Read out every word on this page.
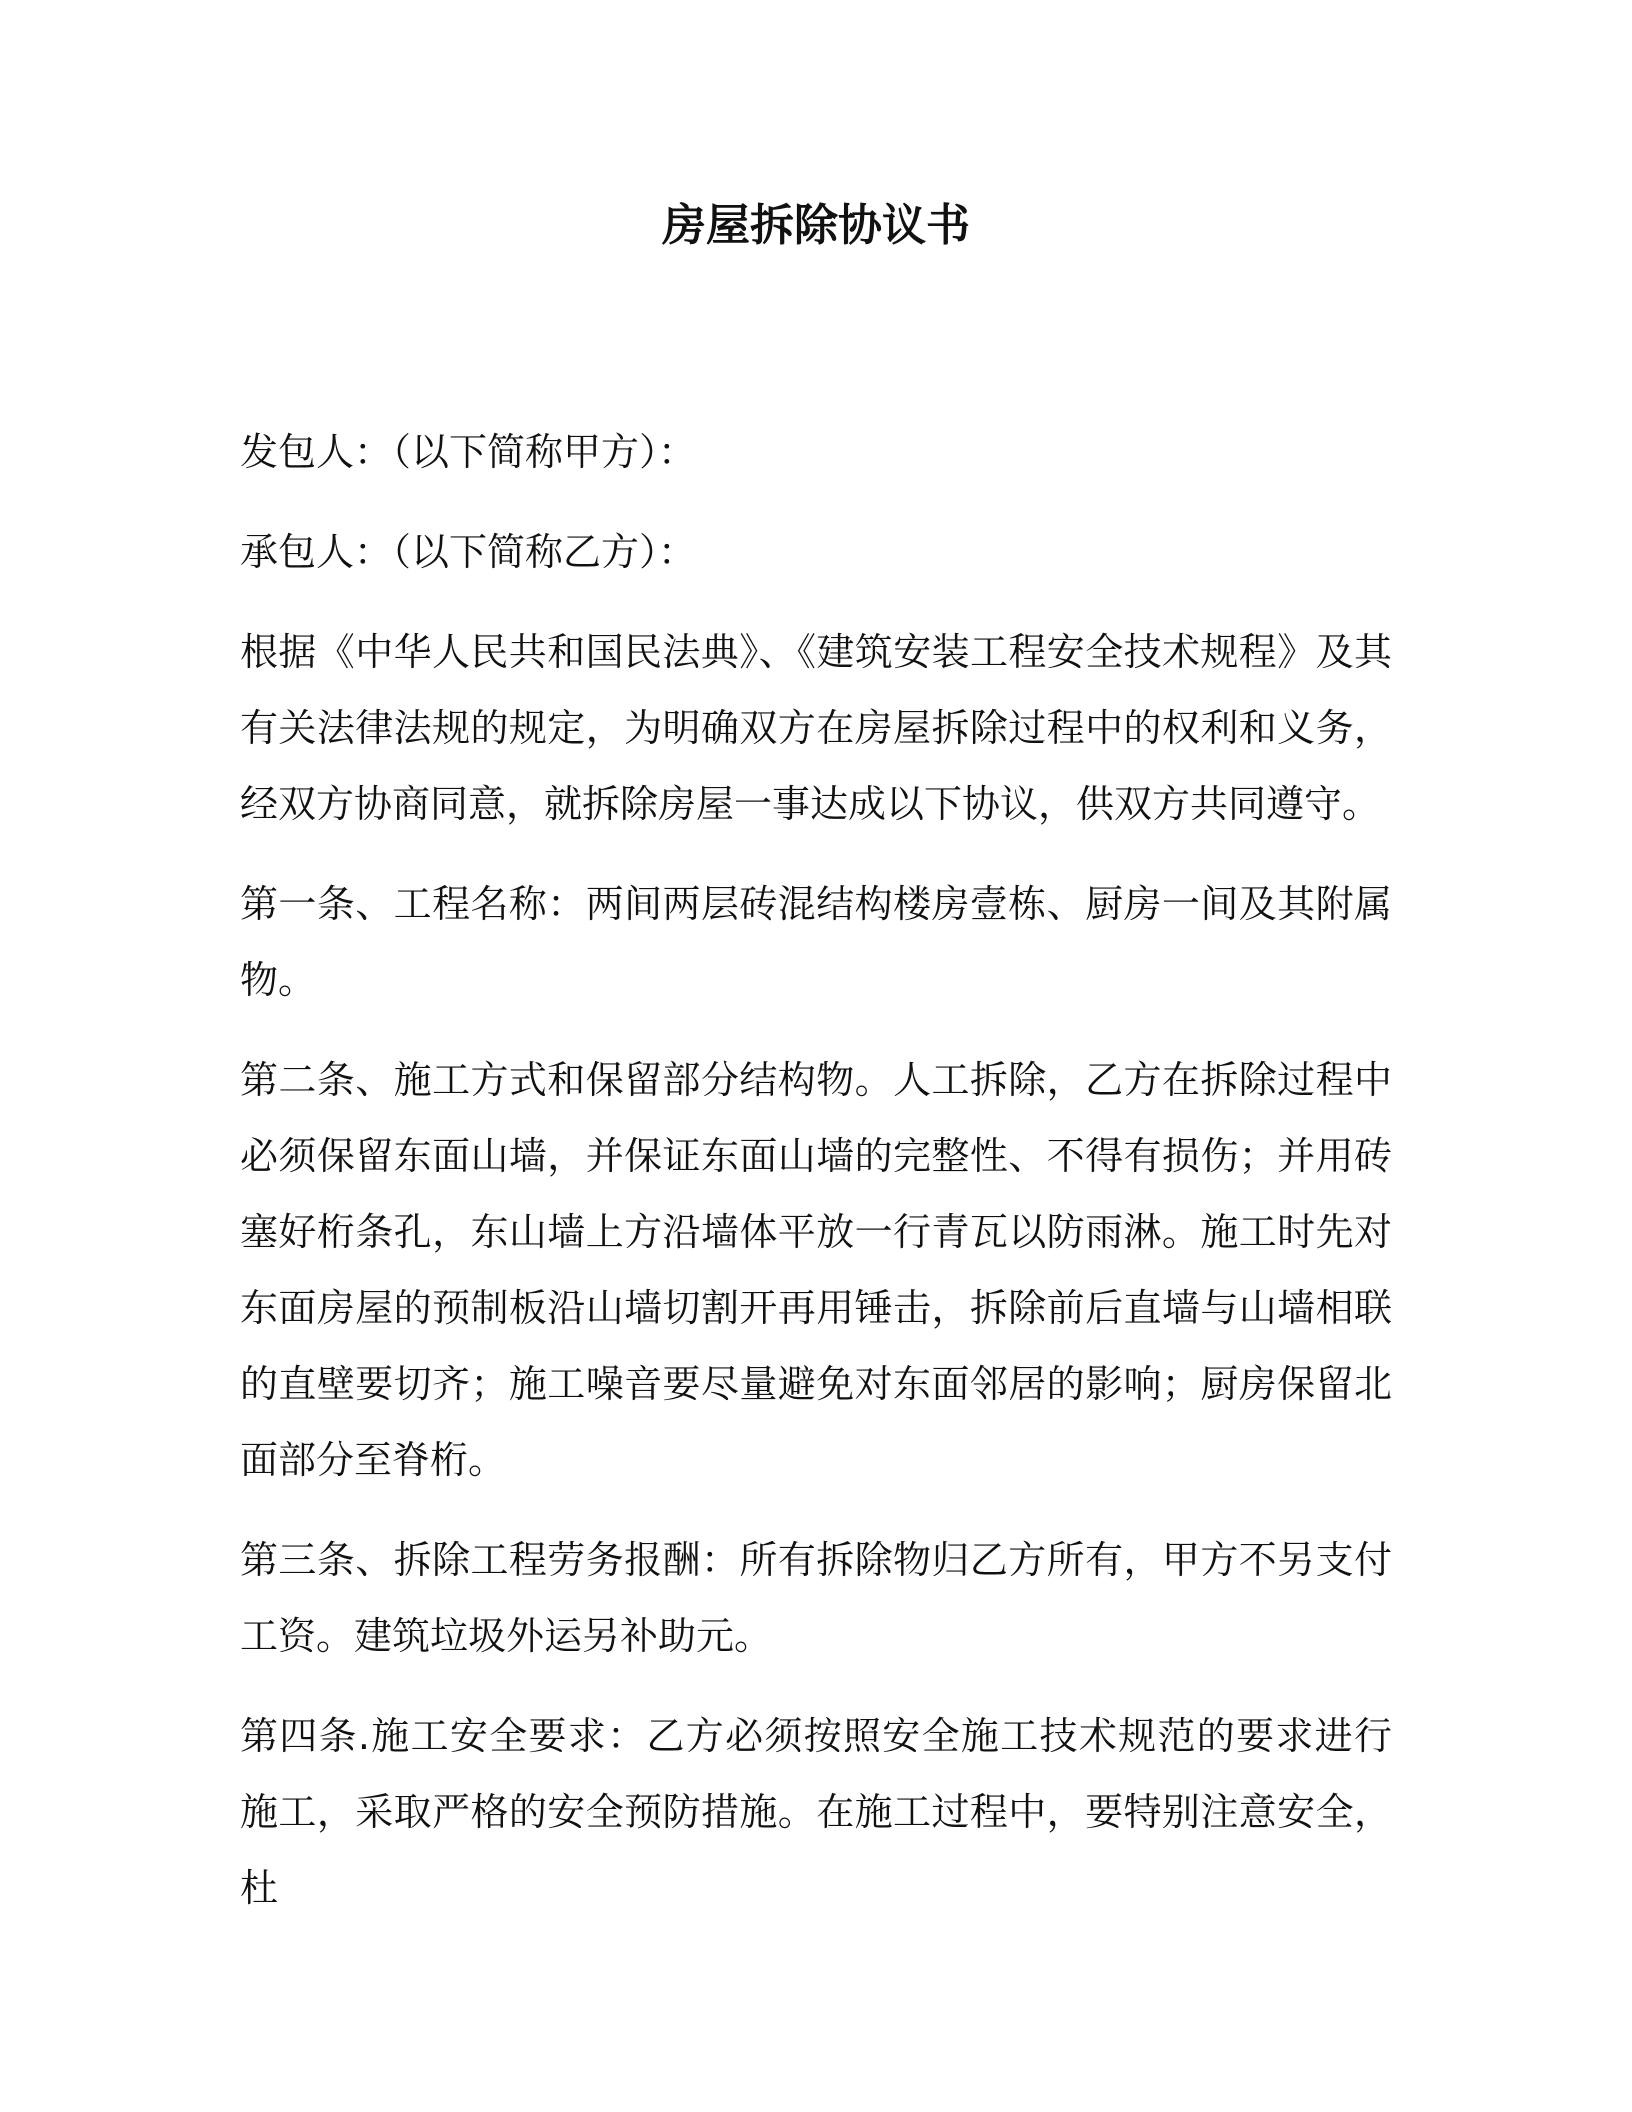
房屋拆除协议书

发包人：（以下简称甲方）：

承包人：（以下简称乙方）：

根据《中华人民共和国民法典》、《建筑安装工程安全技术规程》及其有关法律法规的规定，为明确双方在房屋拆除过程中的权利和义务，经双方协商同意，就拆除房屋一事达成以下协议，供双方共同遵守。

第一条、工程名称：两间两层砖混结构楼房壹栋、厨房一间及其附属物。

第二条、施工方式和保留部分结构物。人工拆除，乙方在拆除过程中必须保留东面山墙，并保证东面山墙的完整性、不得有损伤；并用砖塞好桁条孔，东山墙上方沿墙体平放一行青瓦以防雨淋。施工时先对东面房屋的预制板沿山墙切割开再用锤击，拆除前后直墙与山墙相联的直壁要切齐；施工噪音要尽量避免对东面邻居的影响；厨房保留北面部分至脊桁。

第三条、拆除工程劳务报酬：所有拆除物归乙方所有，甲方不另支付工资。建筑垃圾外运另补助元。

第四条.施工安全要求：乙方必须按照安全施工技术规范的要求进行施工，采取严格的安全预防措施。在施工过程中，要特别注意安全，杜
